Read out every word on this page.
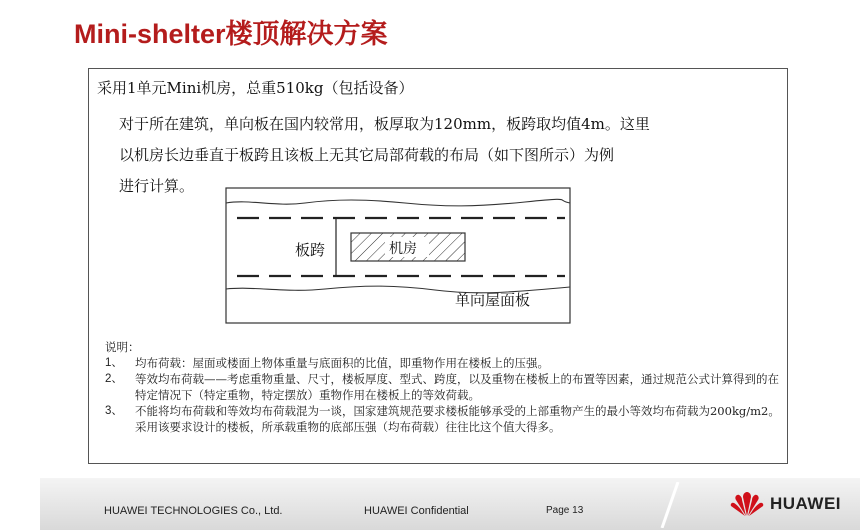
Mini-shelter楼顶解决方案
采用1单元Mini机房，总重510kg（包括设备）
对于所在建筑，单向板在国内较常用，板厚取为120mm，板跨取均值4m。这里
以机房长边垂直于板跨且该板上无其它局部荷载的布局（如下图所示）为例
进行计算。
板跨	机房
单向屋面板
说明：
1、 均布荷载：屋面或楼面上物体重量与底面积的比值，即重物作用在楼板上的压强。
2、 等效均布荷载——考虑重物重量、尺寸，楼板厚度、型式、跨度，以及重物在楼板上的布置等因素，通过规范公式计算得到的在特定情况下（特定重物，特定摆放）重物作用在楼板上的等效荷载。
3、 不能将均布荷载和等效均布荷载混为一谈，国家建筑规范要求楼板能够承受的上部重物产生的最小等效均布荷载为200kg/m2。采用该要求设计的楼板，所承载重物的底部压强（均布荷载）往往比这个值大得多。
HUAWEI TECHNOLOGIES Co., Ltd.	HUAWEI Confidential	Page 13	HUAWEI
